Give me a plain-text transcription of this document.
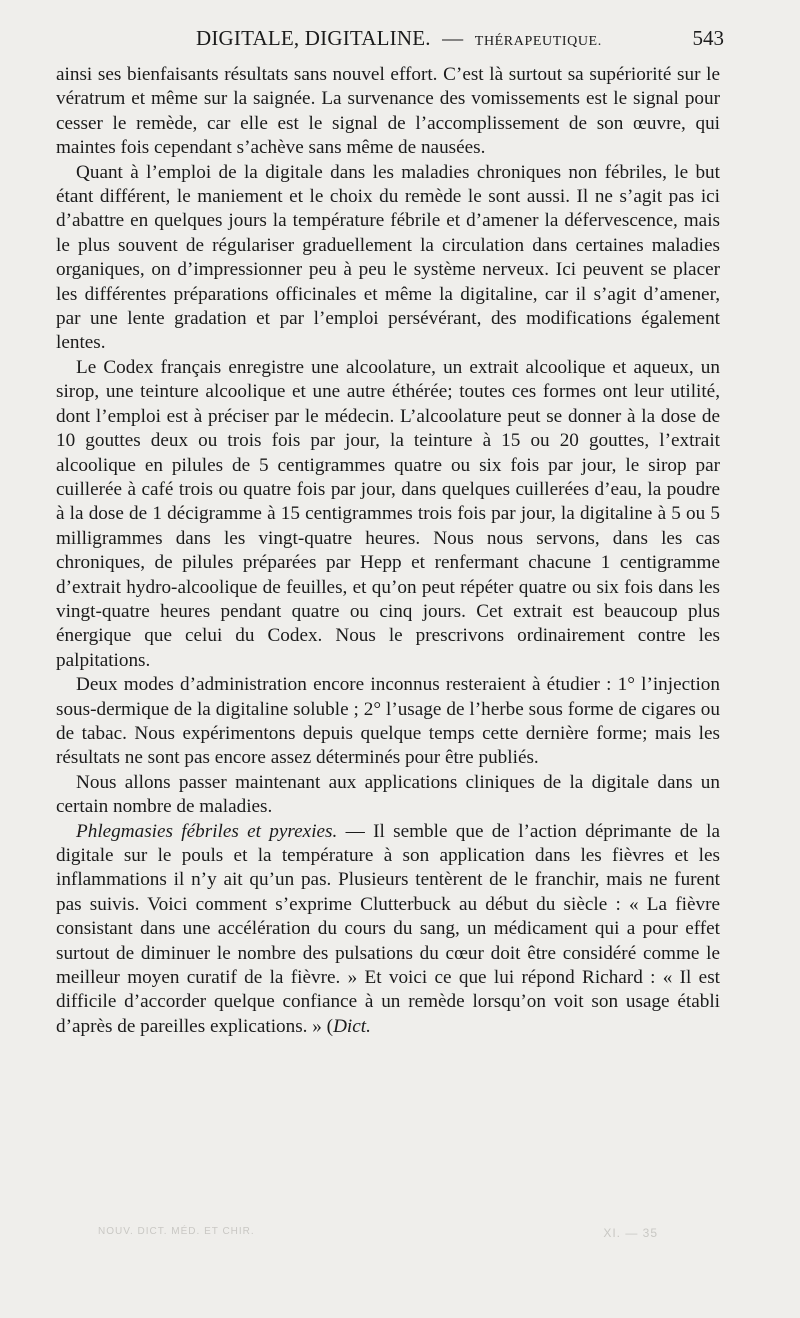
DIGITALE, DIGITALINE. — THÉRAPEUTIQUE.	543

ainsi ses bienfaisants résultats sans nouvel effort. C’est là surtout sa supériorité sur le vératrum et même sur la saignée. La survenance des vomissements est le signal pour cesser le remède, car elle est le signal de l’accomplissement de son œuvre, qui maintes fois cependant s’achève sans même de nausées.

Quant à l’emploi de la digitale dans les maladies chroniques non fébriles, le but étant différent, le maniement et le choix du remède le sont aussi. Il ne s’agit pas ici d’abattre en quelques jours la température fébrile et d’amener la défervescence, mais le plus souvent de régulariser graduellement la circulation dans certaines maladies organiques, on d’impressionner peu à peu le système nerveux. Ici peuvent se placer les différentes préparations officinales et même la digitaline, car il s’agit d’amener, par une lente gradation et par l’emploi persévérant, des modifications également lentes.

Le Codex français enregistre une alcoolature, un extrait alcoolique et aqueux, un sirop, une teinture alcoolique et une autre éthérée; toutes ces formes ont leur utilité, dont l’emploi est à préciser par le médecin. L’alcoolature peut se donner à la dose de 10 gouttes deux ou trois fois par jour, la teinture à 15 ou 20 gouttes, l’extrait alcoolique en pilules de 5 centigrammes quatre ou six fois par jour, le sirop par cuillerée à café trois ou quatre fois par jour, dans quelques cuillerées d’eau, la poudre à la dose de 1 décigramme à 15 centigrammes trois fois par jour, la digitaline à 5 ou 5 milligrammes dans les vingt-quatre heures. Nous nous servons, dans les cas chroniques, de pilules préparées par Hepp et renfermant chacune 1 centigramme d’extrait hydro-alcoolique de feuilles, et qu’on peut répéter quatre ou six fois dans les vingt-quatre heures pendant quatre ou cinq jours. Cet extrait est beaucoup plus énergique que celui du Codex. Nous le prescrivons ordinairement contre les palpitations.

Deux modes d’administration encore inconnus resteraient à étudier : 1° l’injection sous-dermique de la digitaline soluble ; 2° l’usage de l’herbe sous forme de cigares ou de tabac. Nous expérimentons depuis quelque temps cette dernière forme; mais les résultats ne sont pas encore assez déterminés pour être publiés.

Nous allons passer maintenant aux applications cliniques de la digitale dans un certain nombre de maladies.

Phlegmasies fébriles et pyrexies. — Il semble que de l’action déprimante de la digitale sur le pouls et la température à son application dans les fièvres et les inflammations il n’y ait qu’un pas. Plusieurs tentèrent de le franchir, mais ne furent pas suivis. Voici comment s’exprime Clutterbuck au début du siècle : « La fièvre consistant dans une accélération du cours du sang, un médicament qui a pour effet surtout de diminuer le nombre des pulsations du cœur doit être considéré comme le meilleur moyen curatif de la fièvre. » Et voici ce que lui répond Richard : « Il est difficile d’accorder quelque confiance à un remède lorsqu’on voit son usage établi d’après de pareilles explications. » (Dict.

NOUV. DICT. MÉD. ET CHIR.	XI. — 35
